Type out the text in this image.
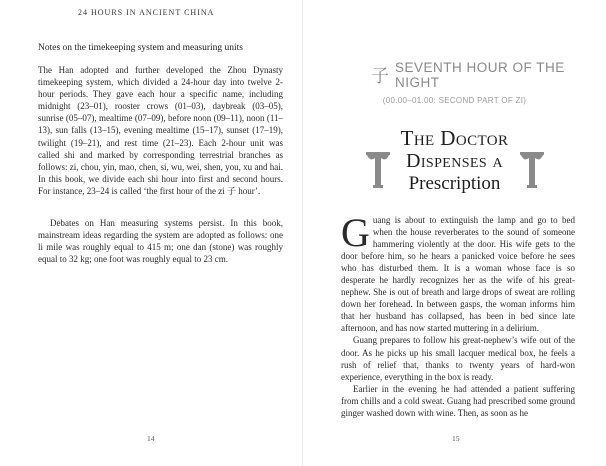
24 HOURS IN ANCIENT CHINA
Notes on the timekeeping system and measuring units
The Han adopted and further developed the Zhou Dynasty timekeeping system, which divided a 24-hour day into twelve 2-hour periods. They gave each hour a specific name, including midnight (23–01), rooster crows (01–03), daybreak (03–05), sunrise (05–07), mealtime (07–09), before noon (09–11), noon (11–13), sun falls (13–15), evening mealtime (15–17), sunset (17–19), twilight (19–21), and rest time (21–23). Each 2-hour unit was called shi and marked by corresponding terrestrial branches as follows: zi, chou, yin, mao, chen, si, wu, wei, shen, you, xu and hai. In this book, we divide each shi hour into first and second hours. For instance, 23–24 is called ‘the first hour of the zi 子 hour’.
Debates on Han measuring systems persist. In this book, mainstream ideas regarding the system are adopted as follows: one li mile was roughly equal to 415 m; one dan (stone) was roughly equal to 32 kg; one foot was roughly equal to 23 cm.
14
子 SEVENTH HOUR OF THE NIGHT
(00.00–01.00: SECOND PART OF ZI)
The Doctor
Dispenses a
Prescription

Guang is about to extinguish the lamp and go to bed when the house reverberates to the sound of someone hammering violently at the door. His wife gets to the door before him, so he hears a panicked voice before he sees who has disturbed them. It is a woman whose face is so desperate he hardly recognizes her as the wife of his great-nephew. She is out of breath and large drops of sweat are rolling down her forehead. In between gasps, the woman informs him that her husband has collapsed, has been in bed since late afternoon, and has now started muttering in a delirium.

Guang prepares to follow his great-nephew’s wife out of the door. As he picks up his small lacquer medical box, he feels a rush of relief that, thanks to twenty years of hard-won experience, everything in the box is ready.

Earlier in the evening he had attended a patient suffering from chills and a cold sweat. Guang had prescribed some ground ginger washed down with wine. Then, as soon as he

15
